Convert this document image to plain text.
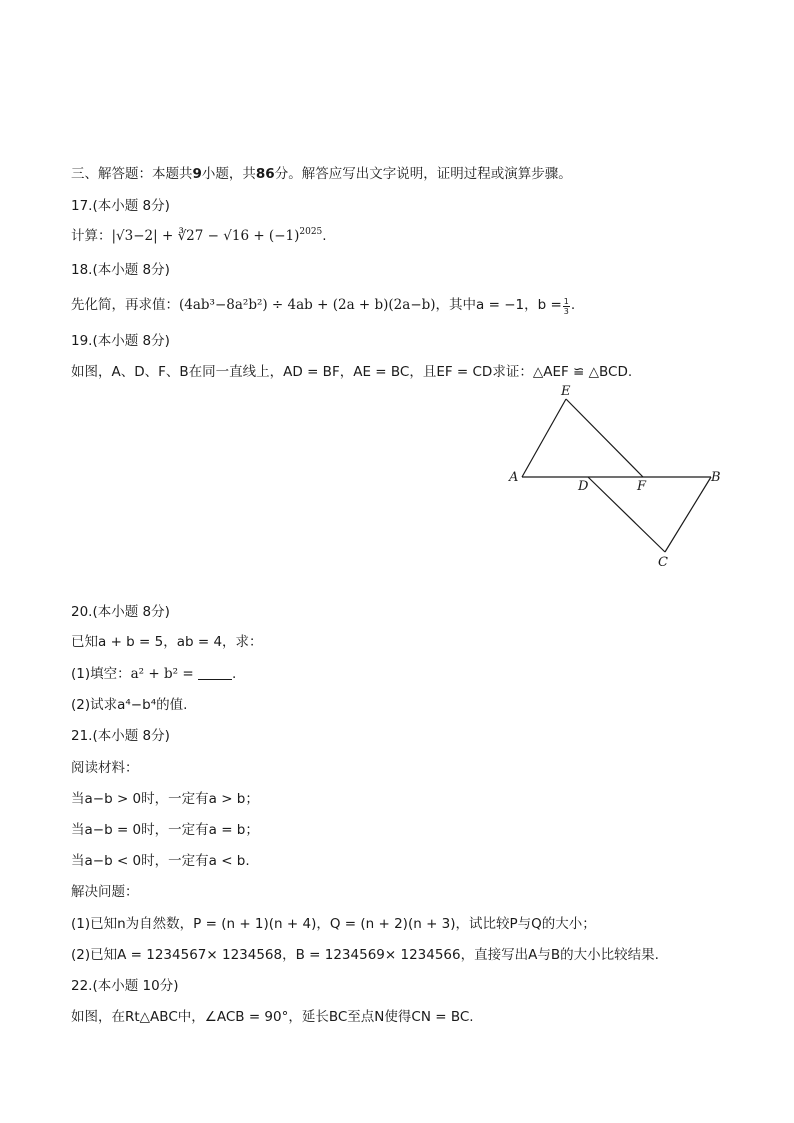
三、解答题：本题共9小题，共86分。解答应写出文字说明，证明过程或演算步骤。
17.(本小题 8分)
计算：|√3−2| + ∛27 − $√16 + (-1)^{2025}$.
18.(本小题 8分)
先化简，再求值：(4ab³−8a²b²) ÷ 4ab + (2a + b)(2a−b)，其中a = −1，$b = \frac{1}{3}$ .
19.(本小题 8分)
如图，A、D、F、B在同一直线上，AD = BF，AE = BC，且EF = CD求证：△AEF ≌ △BCD.
E
A
D	F
B
C
20.(本小题 8分)
已知a + b = 5，ab = 4，求：
(1)填空：a² + b² =	.
(2)试求a⁴−b⁴的值.
21.(本小题 8分)
阅读材料：
当a−b > 0时，一定有a > b；
当a−b = 0时，一定有a = b；
当a−b < 0时，一定有a < b.
解决问题：
(1)已知n为自然数，P = (n + 1)(n + 4)，Q = (n + 2)(n + 3)，试比较P与Q的大小；
(2)已知A = 1234567× 1234568，B = 1234569× 1234566，直接写出A与B的大小比较结果.
22.(本小题 10分)
如图，在Rt△ABC中，∠ACB = 90°，延长BC至点N使得CN = BC.
